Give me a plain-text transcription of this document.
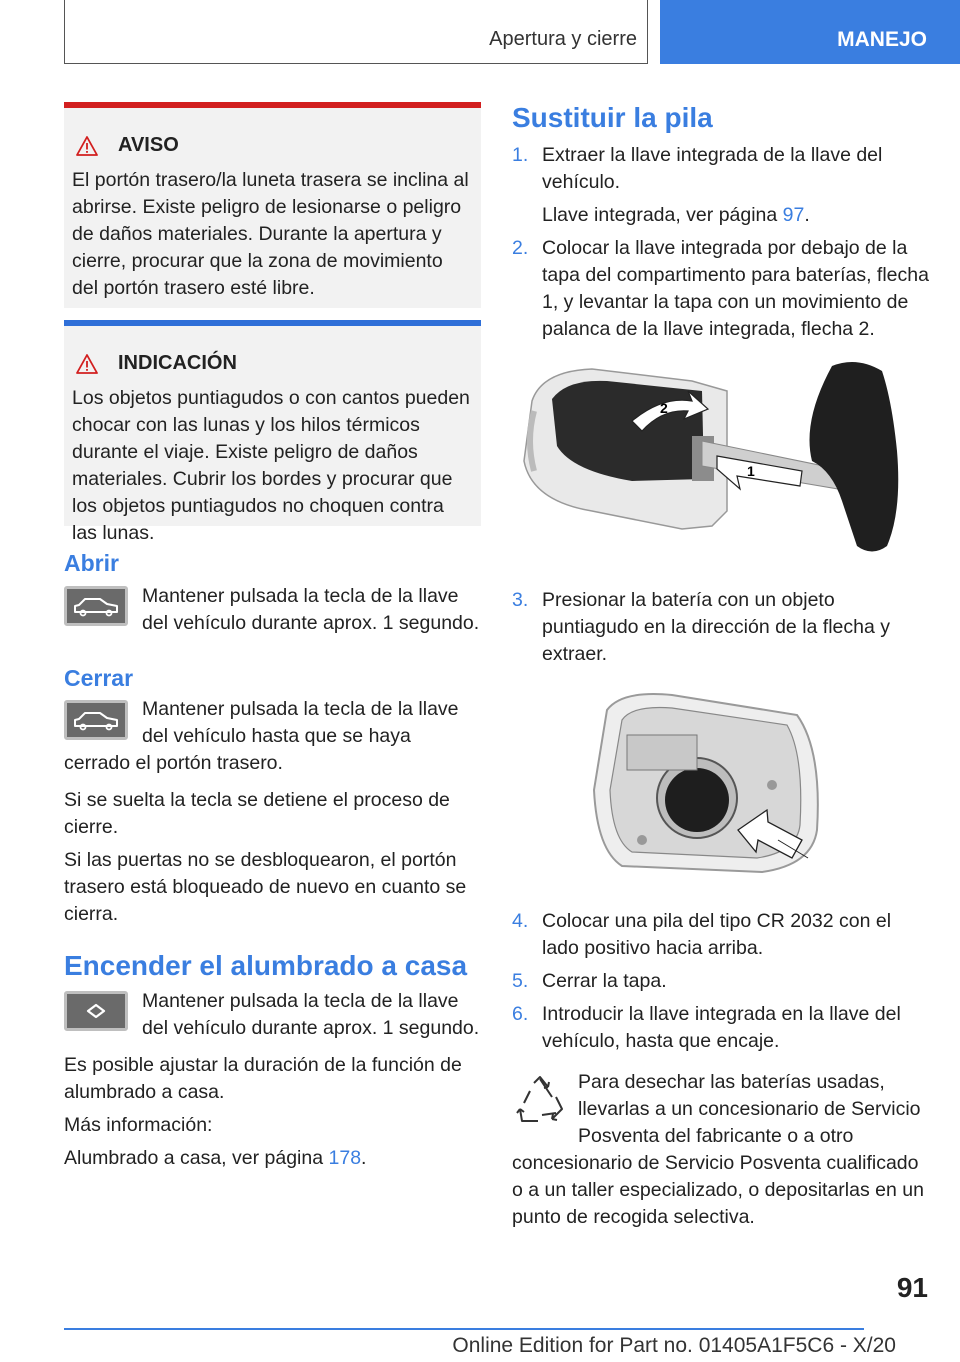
Apertura y cierre	MANEJO
AVISO
El portón trasero/la luneta trasera se inclina al abrirse. Existe peligro de lesionarse o peligro de daños materiales. Durante la apertura y cierre, procurar que la zona de movimiento del portón trasero esté libre.
INDICACIÓN
Los objetos puntiagudos o con cantos pueden chocar con las lunas y los hilos térmicos durante el viaje. Existe peligro de daños materiales. Cubrir los bordes y procurar que los objetos puntiagudos no choquen contra las lunas.
Abrir

Mantener pulsada la tecla de la llave del vehículo durante aprox. 1 segundo.

Cerrar

Mantener pulsada la tecla de la llave del vehículo hasta que se haya cerrado el portón trasero.

Si se suelta la tecla se detiene el proceso de cierre.

Si las puertas no se desbloquearon, el portón trasero está bloqueado de nuevo en cuanto se cierra.

Encender el alumbrado a casa

Mantener pulsada la tecla de la llave del vehículo durante aprox. 1 segundo.

Es posible ajustar la duración de la función de alumbrado a casa.

Más información:

Alumbrado a casa, ver página 178.

Sustituir la pila
1. Extraer la llave integrada de la llave del vehículo.
Llave integrada, ver página 97.
2. Colocar la llave integrada por debajo de la tapa del compartimento para baterías, flecha 1, y levantar la tapa con un movimiento de palanca de la llave integrada, flecha 2.
2
1
3. Presionar la batería con un objeto puntiagudo en la dirección de la flecha y extraer.
4. Colocar una pila del tipo CR 2032 con el lado positivo hacia arriba.
5. Cerrar la tapa.
6. Introducir la llave integrada en la llave del vehículo, hasta que encaje.
Para desechar las baterías usadas, llevarlas a un concesionario de Servicio Posventa del fabricante o a otro concesionario de Servicio Posventa cualificado o a un taller especializado, o depositarlas en un punto de recogida selectiva.
91
Online Edition for Part no. 01405A1F5C6 - X/20
